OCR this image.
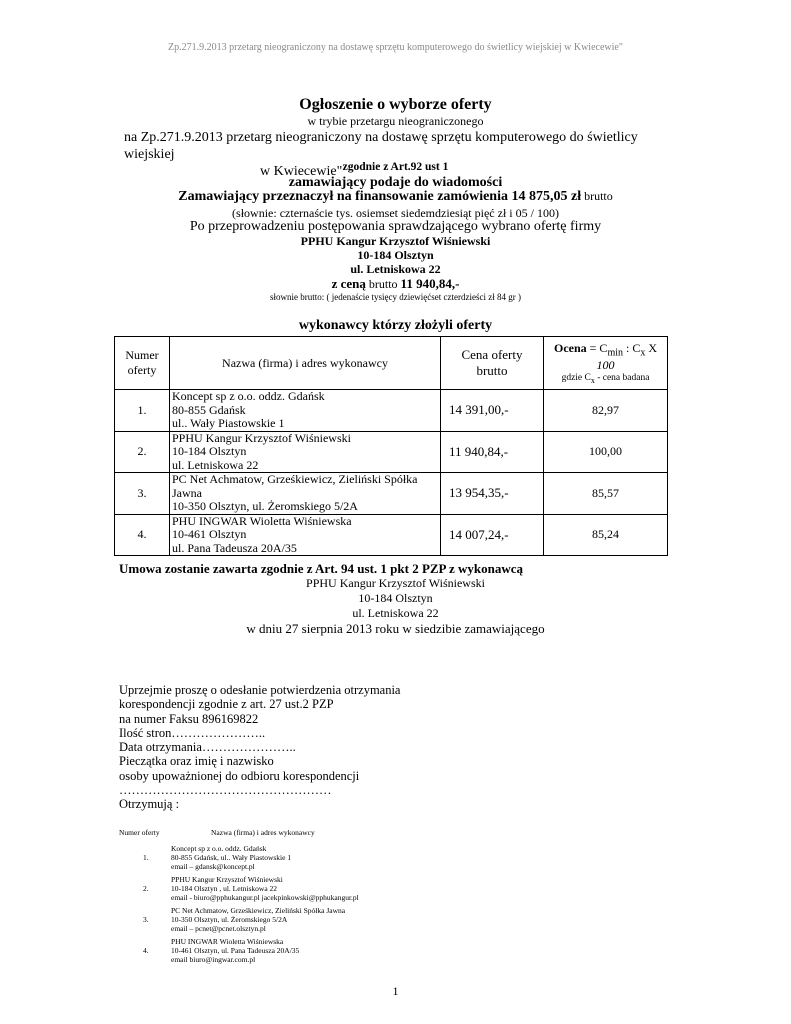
Zp.271.9.2013 przetarg nieograniczony na dostawę sprzętu komputerowego do świetlicy wiejskiej w Kwiecewie"
Ogłoszenie o wyborze oferty
w trybie przetargu nieograniczonego
na Zp.271.9.2013 przetarg nieograniczony na dostawę sprzętu komputerowego do świetlicy wiejskiej
w Kwiecewie" zgodnie z Art.92 ust 1
zamawiający podaje do wiadomości
Zamawiający przeznaczył na finansowanie zamówienia 14 875,05 zł brutto
(słownie: czternaście tys. osiemset siedemdziesiąt pięć zł i 05 / 100)
Po przeprowadzeniu postępowania sprawdzającego wybrano ofertę firmy
PPHU Kangur Krzysztof Wiśniewski
10-184 Olsztyn
ul. Letniskowa 22
z ceną brutto 11 940,84,-
słownie brutto: ( jedenaście tysięcy dziewięćset czterdzieści zł 84 gr )
wykonawcy którzy złożyli oferty
Numer
oferty	Nazwa (firma) i adres wykonawcy	Cena oferty
brutto	Ocena = $C_{min}$ : $C_x$ X 100
gdzie $C_x$ - cena badana

1.	Koncept sp z o.o. oddz. Gdańsk
80-855 Gdańsk
ul.. Wały Piastowskie 1	14 391,00,-	82,97
2.	PPHU Kangur Krzysztof Wiśniewski
10-184 Olsztyn
ul. Letniskowa 22	11 940,84,-	100,00
3.	PC Net Achmatow, Grześkiewicz, Zieliński Spółka
Jawna
10-350 Olsztyn, ul. Żeromskiego 5/2A	13 954,35,-	85,57
4.	PHU INGWAR Wioletta Wiśniewska
10-461 Olsztyn
ul. Pana Tadeusza 20A/35	14 007,24,-	85,24
Umowa zostanie zawarta zgodnie z Art. 94 ust. 1 pkt 2 PZP z wykonawcą
PPHU Kangur Krzysztof Wiśniewski
10-184 Olsztyn
ul. Letniskowa 22
w dniu 27 sierpnia 2013 roku w siedzibie zamawiającego
Uprzejmie proszę o odesłanie potwierdzenia otrzymania
korespondencji zgodnie z art. 27 ust.2 PZP
na numer Faksu 896169822
Ilość stron…………………..
Data otrzymania…………………..
Pieczątka oraz imię i nazwisko
osoby upoważnionej do odbioru korespondencji
……………………………………………
Otrzymują :
Numer oferty	Nazwa (firma) i adres wykonawcy
1.
Koncept sp z o.o. oddz. Gdańsk
80-855 Gdańsk, ul.. Wały Piastowskie 1
email – gdansk@koncept.pl
2.
PPHU Kangur Krzysztof Wiśniewski
10-184 Olsztyn , ul. Letniskowa 22
email - biuro@pphukangur.pl jacekpinkowski@pphukangur.pl
3.
PC Net Achmatow, Grześkiewicz, Zieliński Spółka Jawna
10-350 Olsztyn, ul. Żeromskiego 5/2A
email – pcnet@pcnet.olsztyn.pl
4.
PHU INGWAR Wioletta Wiśniewska
10-461 Olsztyn, ul. Pana Tadeusza 20A/35
email biuro@ingwar.com.pl
1
